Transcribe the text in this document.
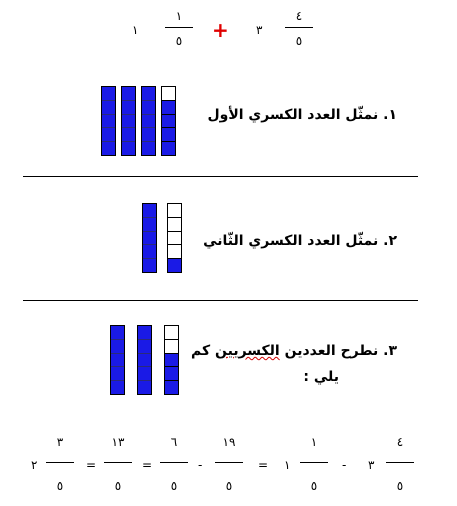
١
١
٥	+ ٣
٤
٥
١. نمثّل العدد الكسري الأول
٢. نمثّل العدد الكسري الثّاني
٣. نطرح العددين الكسريين كم
يلي :
٢
٣
٥
=
١٣
٥
=
٦
٥
-
١٩
٥
= ١
١
٥
- ٣
٤
٥
